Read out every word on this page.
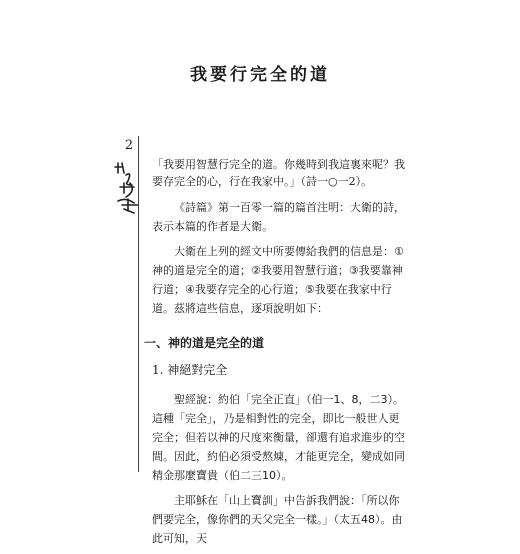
我要行完全的道
2
「我要用智慧行完全的道。你幾時到我這裏來呢？我要存完全的心，行在我家中。」（詩一○一2）。
《詩篇》第一百零一篇的篇首注明：大衛的詩，表示本篇的作者是大衛。
大衛在上列的經文中所要傳給我們的信息是：①神的道是完全的道；②我要用智慧行道；③我要靠神行道；④我要存完全的心行道；⑤我要在我家中行道。茲將這些信息，逐項說明如下：
一、神的道是完全的道
1. 神絕對完全
聖經說：約伯「完全正直」（伯一1、8，二3）。這種「完全」，乃是相對性的完全，即比一般世人更完全；但若以神的尺度來衡量，卻還有追求進步的空間。因此，約伯必須受熬煉，才能更完全，變成如同精金那麼寶貴（伯二三10）。
主耶穌在「山上寶訓」中告訴我們說：「所以你們要完全，像你們的天父完全一樣。」（太五48）。由此可知，天
